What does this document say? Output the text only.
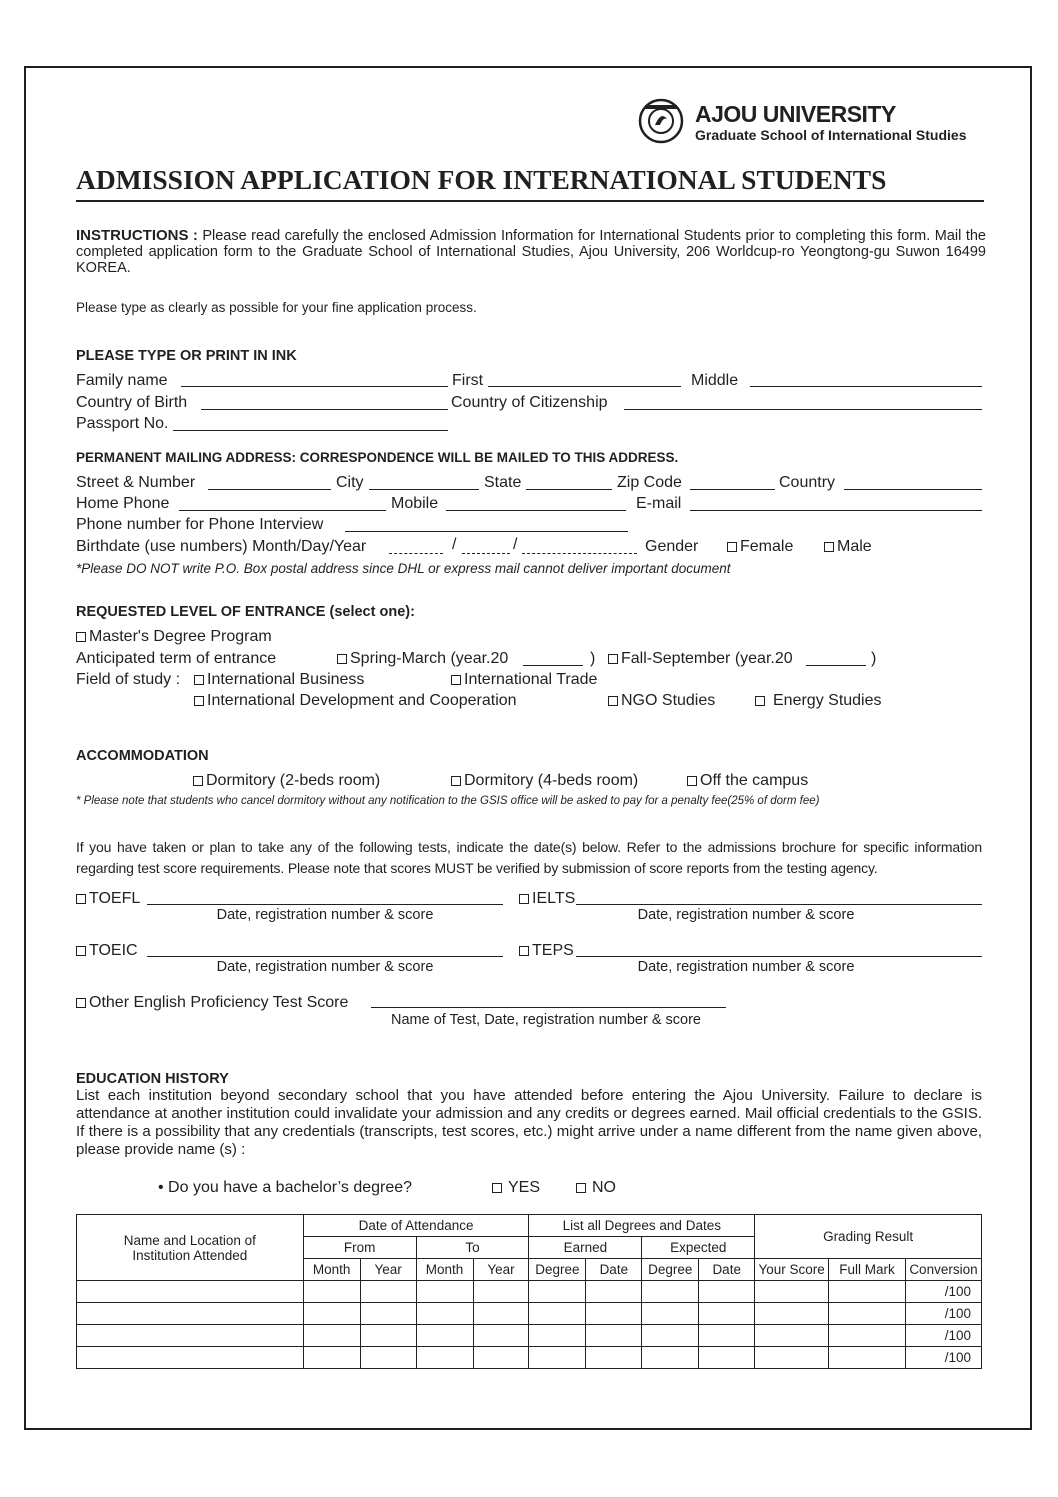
AJOU UNIVERSITY
Graduate School of International Studies
ADMISSION APPLICATION FOR INTERNATIONAL STUDENTS
INSTRUCTIONS : Please read carefully the enclosed Admission Information for International Students prior to completing this form. Mail the completed application form to the Graduate School of International Studies, Ajou University, 206 Worldcup-ro Yeongtong-gu Suwon 16499 KOREA.
Please type as clearly as possible for your fine application process.
PLEASE TYPE OR PRINT IN INK
Family name	First	Middle
Country of Birth	Country of Citizenship
Passport No.
PERMANENT MAILING ADDRESS: CORRESPONDENCE WILL BE MAILED TO THIS ADDRESS.
Street & Number	City	State	Zip Code	Country
Home Phone	Mobile	E-mail
Phone number for Phone Interview
Birthdate (use numbers) Month/Day/Year	/	/	Gender	Female	Male
*Please DO NOT write P.O. Box postal address since DHL or express mail cannot deliver important document
REQUESTED LEVEL OF ENTRANCE (select one):
Master's Degree Program
Anticipated term of entrance	Spring-March (year.20	)	Fall-September (year.20	)
Field of study :	International Business	International Trade
International Development and Cooperation	NGO Studies	Energy Studies
ACCOMMODATION
Dormitory (2-beds room)	Dormitory (4-beds room)	Off the campus
* Please note that students who cancel dormitory without any notification to the GSIS office will be asked to pay for a penalty fee(25% of dorm fee)
If you have taken or plan to take any of the following tests, indicate the date(s) below. Refer to the admissions brochure for specific information regarding test score requirements. Please note that scores MUST be verified by submission of score reports from the testing agency.
TOEFL
Date, registration number & score
IELTS
Date, registration number & score
TOEIC
Date, registration number & score
TEPS
Date, registration number & score
Other English Proficiency Test Score
Name of Test, Date, registration number & score
EDUCATION HISTORY
List each institution beyond secondary school that you have attended before entering the Ajou University. Failure to declare is attendance at another institution could invalidate your admission and any credits or degrees earned. Mail official credentials to the GSIS. If there is a possibility that any credentials (transcripts, test scores, etc.) might arrive under a name different from the name given above, please provide name (s) :
• Do you have a bachelor’s degree?	YES	NO
Name and Location of Institution Attended	Date of Attendance				List all Degrees and Dates				Grading Result		
	From		To		Earned		Expected				
	Month	Year	Month	Year	Degree	Date	Degree	Date	Your Score	Full Mark	Conversion
											/100
											/100
											/100
											/100
